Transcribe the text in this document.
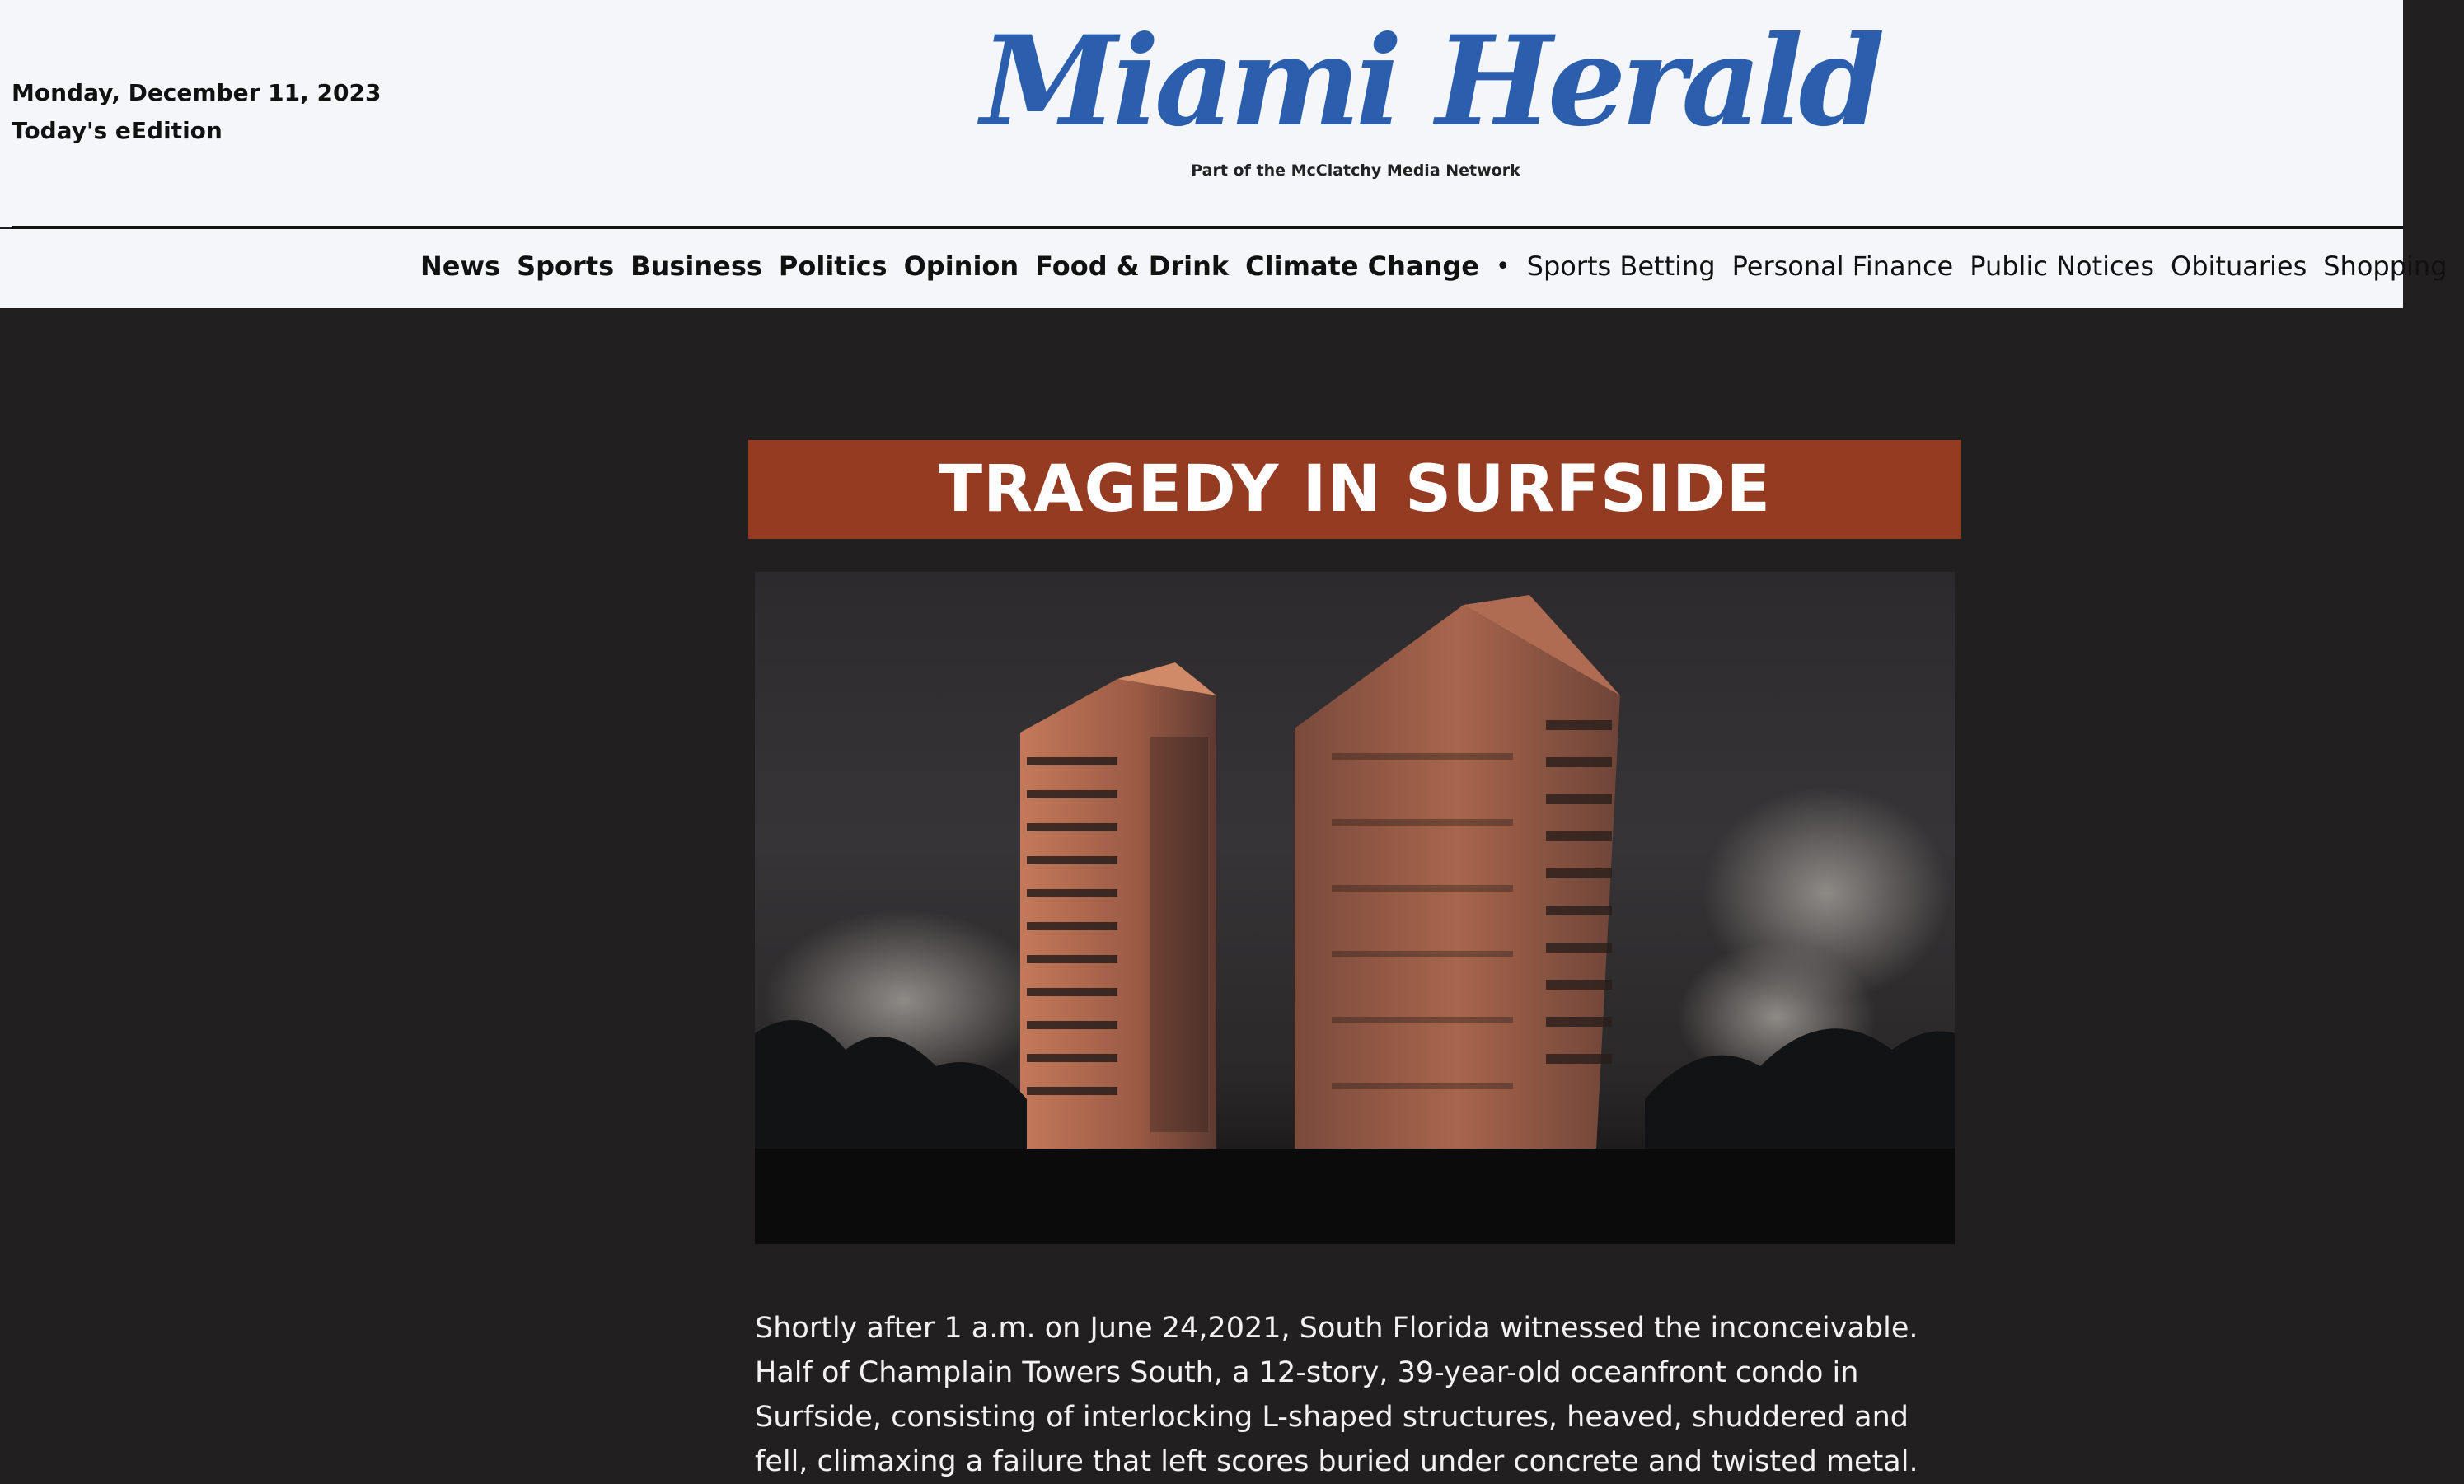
Monday, December 11, 2023
Today's eEdition	Miami Herald
Part of the McClatchy Media Network
News Sports Business Politics Opinion Food & Drink Climate Change • Sports Betting Personal Finance Public Notices Obituaries Shopping
TRAGEDY IN SURFSIDE

Shortly after 1 a.m. on June 24,2021, South Florida witnessed the inconceivable. Half of Champlain Towers South, a 12-story, 39-year-old oceanfront condo in Surfside, consisting of interlocking L-shaped structures, heaved, shuddered and fell, climaxing a failure that left scores buried under concrete and twisted metal.
